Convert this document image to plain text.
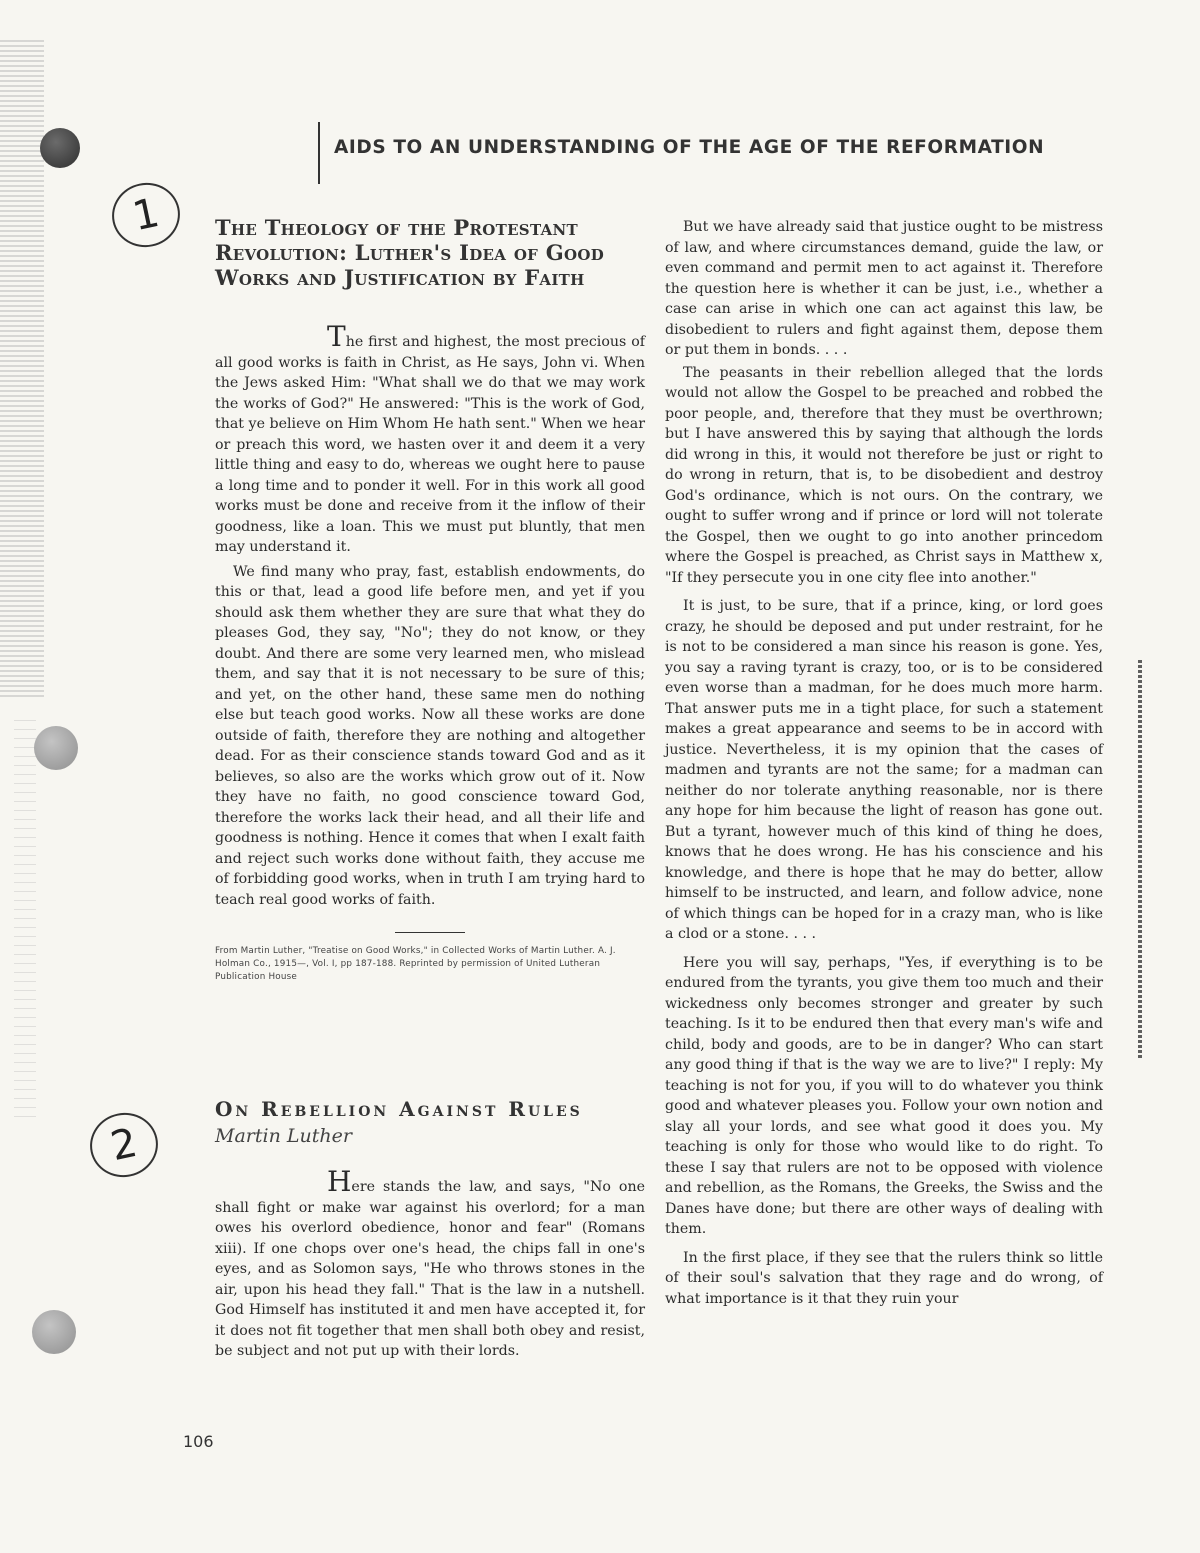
1
2
AIDS TO AN UNDERSTANDING OF THE AGE OF THE REFORMATION
The Theology of the Protestant Revolution: Luther's Idea of Good Works and Justification by Faith

The first and highest, the most precious of all good works is faith in Christ, as He says, John vi. When the Jews asked Him: "What shall we do that we may work the works of God?" He answered: "This is the work of God, that ye believe on Him Whom He hath sent." When we hear or preach this word, we hasten over it and deem it a very little thing and easy to do, whereas we ought here to pause a long time and to ponder it well. For in this work all good works must be done and receive from it the inflow of their goodness, like a loan. This we must put bluntly, that men may understand it.

We find many who pray, fast, establish endowments, do this or that, lead a good life before men, and yet if you should ask them whether they are sure that what they do pleases God, they say, "No"; they do not know, or they doubt. And there are some very learned men, who mislead them, and say that it is not necessary to be sure of this; and yet, on the other hand, these same men do nothing else but teach good works. Now all these works are done outside of faith, therefore they are nothing and altogether dead. For as their conscience stands toward God and as it believes, so also are the works which grow out of it. Now they have no faith, no good conscience toward God, therefore the works lack their head, and all their life and goodness is nothing. Hence it comes that when I exalt faith and reject such works done without faith, they accuse me of forbidding good works, when in truth I am trying hard to teach real good works of faith.

From Martin Luther, "Treatise on Good Works," in Collected Works of Martin Luther. A. J. Holman Co., 1915—, Vol. I, pp 187-188. Reprinted by permission of United Lutheran Publication House
On Rebellion Against Rules
Martin Luther

Here stands the law, and says, "No one shall fight or make war against his overlord; for a man owes his overlord obedience, honor and fear" (Romans xiii). If one chops over one's head, the chips fall in one's eyes, and as Solomon says, "He who throws stones in the air, upon his head they fall." That is the law in a nutshell. God Himself has instituted it and men have accepted it, for it does not fit together that men shall both obey and resist, be subject and not put up with their lords.

But we have already said that justice ought to be mistress of law, and where circumstances demand, guide the law, or even command and permit men to act against it. Therefore the question here is whether it can be just, i.e., whether a case can arise in which one can act against this law, be disobedient to rulers and fight against them, depose them or put them in bonds. . . .

The peasants in their rebellion alleged that the lords would not allow the Gospel to be preached and robbed the poor people, and, therefore that they must be overthrown; but I have answered this by saying that although the lords did wrong in this, it would not therefore be just or right to do wrong in return, that is, to be disobedient and destroy God's ordinance, which is not ours. On the contrary, we ought to suffer wrong and if prince or lord will not tolerate the Gospel, then we ought to go into another princedom where the Gospel is preached, as Christ says in Matthew x, "If they persecute you in one city flee into another."

It is just, to be sure, that if a prince, king, or lord goes crazy, he should be deposed and put under restraint, for he is not to be considered a man since his reason is gone. Yes, you say a raving tyrant is crazy, too, or is to be considered even worse than a madman, for he does much more harm. That answer puts me in a tight place, for such a statement makes a great appearance and seems to be in accord with justice. Nevertheless, it is my opinion that the cases of madmen and tyrants are not the same; for a madman can neither do nor tolerate anything reasonable, nor is there any hope for him because the light of reason has gone out. But a tyrant, however much of this kind of thing he does, knows that he does wrong. He has his conscience and his knowledge, and there is hope that he may do better, allow himself to be instructed, and learn, and follow advice, none of which things can be hoped for in a crazy man, who is like a clod or a stone. . . .

Here you will say, perhaps, "Yes, if everything is to be endured from the tyrants, you give them too much and their wickedness only becomes stronger and greater by such teaching. Is it to be endured then that every man's wife and child, body and goods, are to be in danger? Who can start any good thing if that is the way we are to live?" I reply: My teaching is not for you, if you will to do whatever you think good and whatever pleases you. Follow your own notion and slay all your lords, and see what good it does you. My teaching is only for those who would like to do right. To these I say that rulers are not to be opposed with violence and rebellion, as the Romans, the Greeks, the Swiss and the Danes have done; but there are other ways of dealing with them.

In the first place, if they see that the rulers think so little of their soul's salvation that they rage and do wrong, of what importance is it that they ruin your

106
